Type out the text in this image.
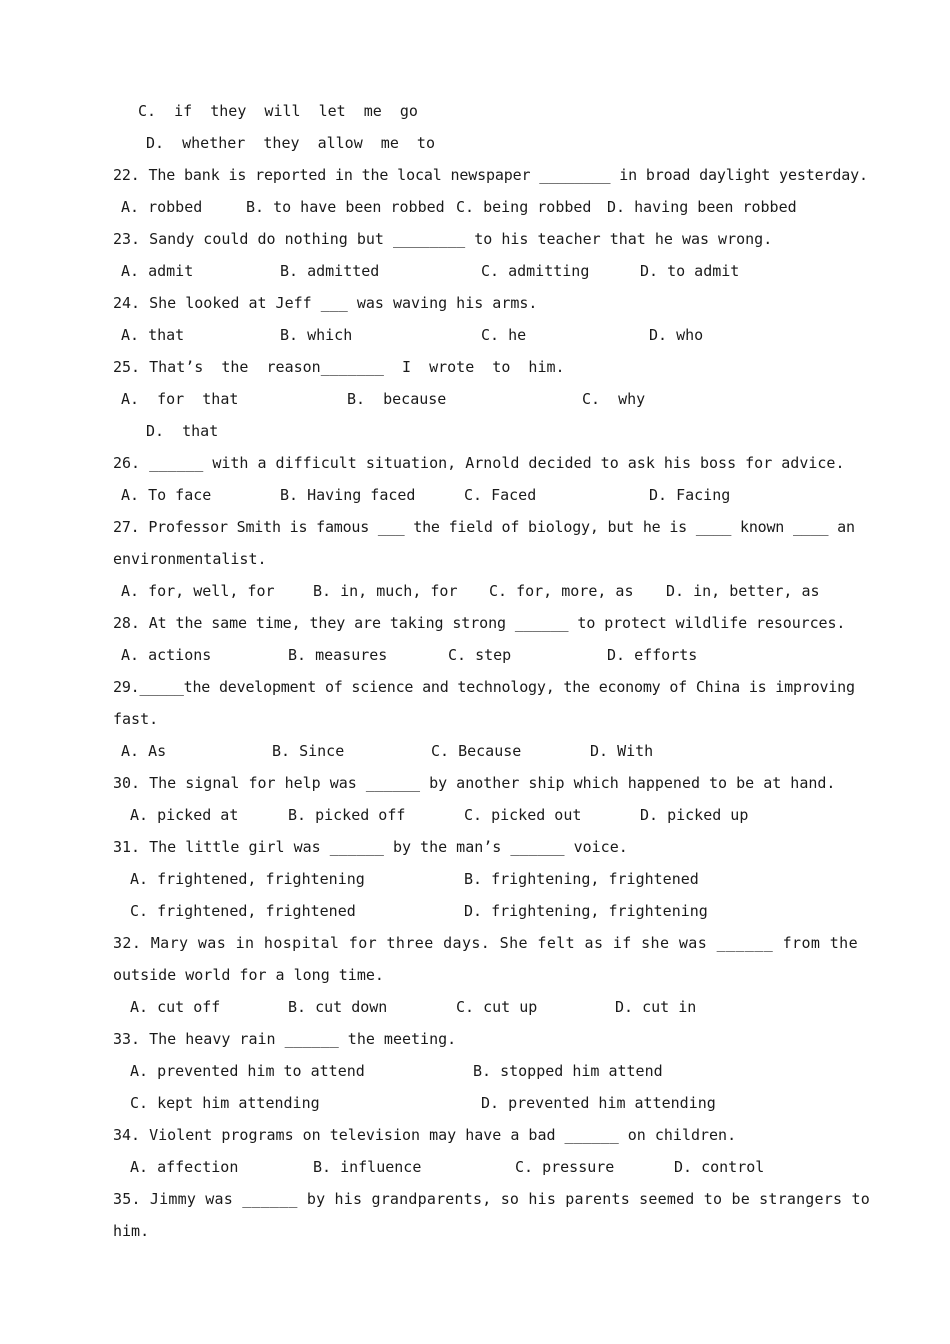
C.  if  they  will  let  me  go
D.  whether  they  allow  me  to
22. The bank is reported in the local newspaper ________ in broad daylight yesterday.
A. robbed	B. to have been robbed C. being robbed D. having been robbed
23. Sandy could do nothing but ________ to his teacher that he was wrong.
A. admit	B. admitted	C. admitting	D. to admit
24. She looked at Jeff ___ was waving his arms.
A. that	B. which	C. he	D. who
25. That’s  the  reason_______  I  wrote  to  him.
A.  for  that	B.  because	C.  why
D.  that
26. ______ with a difficult situation, Arnold decided to ask his boss for advice.
A. To face	B. Having faced	C. Faced	D. Facing
27. Professor Smith is famous ___ the field of biology, but he is ____ known ____ an
environmentalist.
A. for, well, for	B. in, much, for C. for, more, as D. in, better, as
28. At the same time, they are taking strong ______ to protect wildlife resources.
A. actions	B. measures	C. step	D. efforts
29._____the development of science and technology, the economy of China is improving
fast.
A. As	B. Since	C. Because	D. With
30. The signal for help was ______ by another ship which happened to be at hand.
A. picked at	B. picked off	C. picked out	D. picked up
31. The little girl was ______ by the man’s ______ voice.
A. frightened, frightening	B. frightening, frightened
C. frightened, frightened	D. frightening, frightening
32. Mary was in hospital for three days. She felt as if she was ______ from the
outside world for a long time.
A. cut off	B. cut down	C. cut up	D. cut in
33. The heavy rain ______ the meeting.
A. prevented him to attend	B. stopped him attend
C. kept him attending	D. prevented him attending
34. Violent programs on television may have a bad ______ on children.
A. affection	B. influence	C. pressure	D. control
35. Jimmy was ______ by his grandparents, so his parents seemed to be strangers to
him.
